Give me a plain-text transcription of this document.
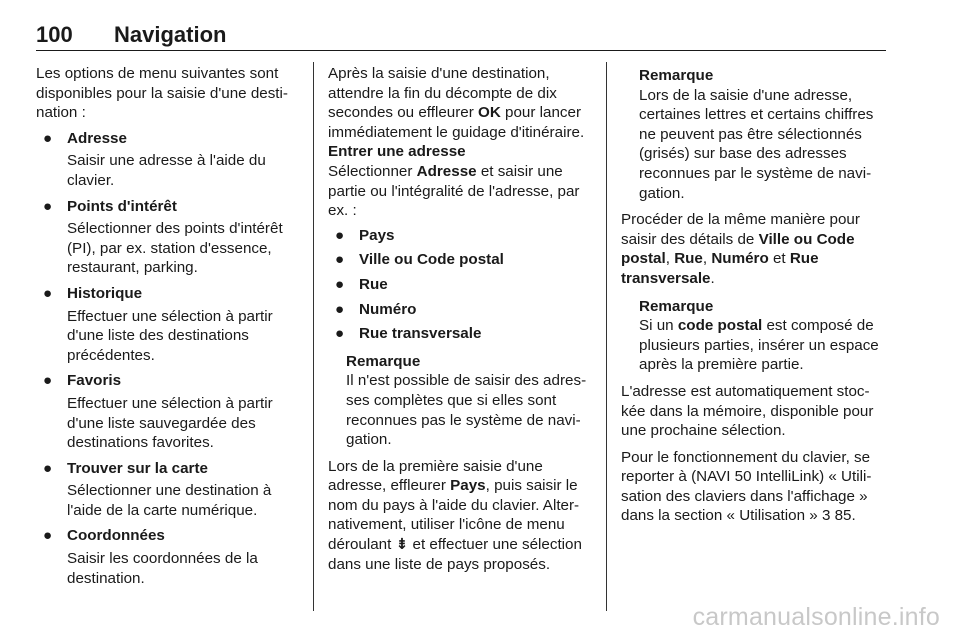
100 Navigation

Les options de menu suivantes sont disponibles pour la saisie d'une destination :

● Adresse
Saisir une adresse à l'aide du clavier.
● Points d'intérêt
Sélectionner des points d'intérêt (PI), par ex. station d'essence, restaurant, parking.
● Historique
Effectuer une sélection à partir d'une liste des destinations précédentes.
● Favoris
Effectuer une sélection à partir d'une liste sauvegardée des destinations favorites.
● Trouver sur la carte
Sélectionner une destination à l'aide de la carte numérique.
● Coordonnées
Saisir les coordonnées de la destination.

Après la saisie d'une destination, attendre la fin du décompte de dix secondes ou effleurer OK pour lancer immédiatement le guidage d'itinéraire.

Entrer une adresse

Sélectionner Adresse et saisir une partie ou l'intégralité de l'adresse, par ex. :

● Pays
● Ville ou Code postal
● Rue
● Numéro
● Rue transversale
Remarque
Il n'est possible de saisir des adresses complètes que si elles sont reconnues pas le système de navigation.

Lors de la première saisie d'une adresse, effleurer Pays, puis saisir le nom du pays à l'aide du clavier. Alternativement, utiliser l'icône de menu déroulant ⇟ et effectuer une sélection dans une liste de pays proposés.

Remarque
Lors de la saisie d'une adresse, certaines lettres et certains chiffres ne peuvent pas être sélectionnés (grisés) sur base des adresses reconnues par le système de navigation.

Procéder de la même manière pour saisir des détails de Ville ou Code postal, Rue, Numéro et Rue transversale.

Remarque
Si un code postal est composé de plusieurs parties, insérer un espace après la première partie.

L'adresse est automatiquement stockée dans la mémoire, disponible pour une prochaine sélection.

Pour le fonctionnement du clavier, se reporter à (NAVI 50 IntelliLink) « Utilisation des claviers dans l'affichage » dans la section « Utilisation » 3 85.

carmanualsonline.info
